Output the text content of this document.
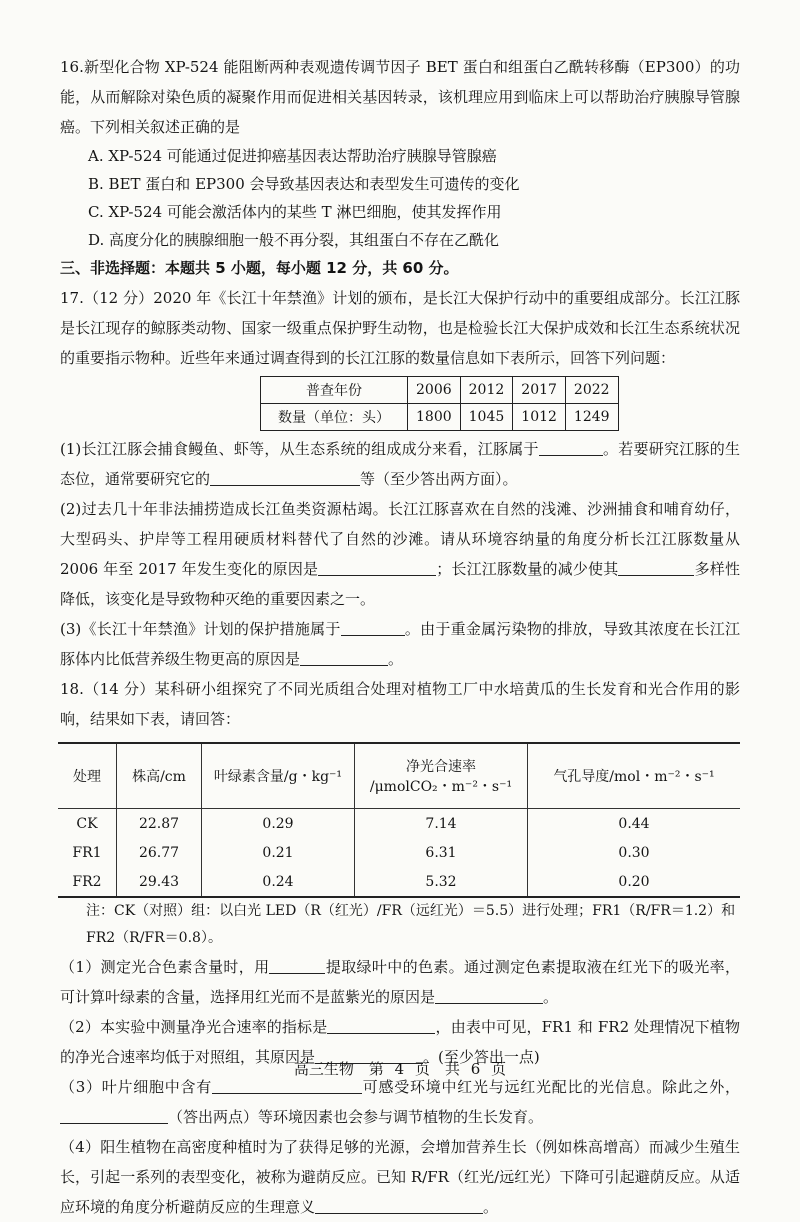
16.新型化合物 XP-524 能阻断两种表观遗传调节因子 BET 蛋白和组蛋白乙酰转移酶（EP300）的功能，从而解除对染色质的凝聚作用而促进相关基因转录，该机理应用到临床上可以帮助治疗胰腺导管腺癌。下列相关叙述正确的是

A. XP-524 可能通过促进抑癌基因表达帮助治疗胰腺导管腺癌

B. BET 蛋白和 EP300 会导致基因表达和表型发生可遗传的变化

C. XP-524 可能会激活体内的某些 T 淋巴细胞，使其发挥作用

D. 高度分化的胰腺细胞一般不再分裂，其组蛋白不存在乙酰化

三、非选择题：本题共 5 小题，每小题 12 分，共 60 分。

17.（12 分）2020 年《长江十年禁渔》计划的颁布，是长江大保护行动中的重要组成部分。长江江豚是长江现存的鲸豚类动物、国家一级重点保护野生动物，也是检验长江大保护成效和长江生态系统状况的重要指示物种。近些年来通过调查得到的长江江豚的数量信息如下表所示，回答下列问题：

普查年份	2006	2012	2017	2022
数量（单位：头）	1800	1045	1012	1249

(1)长江江豚会捕食鳗鱼、虾等，从生态系统的组成成分来看，江豚属于	。若要研究江豚的生态位，通常要研究它的	等（至少答出两方面）。

(2)过去几十年非法捕捞造成长江鱼类资源枯竭。长江江豚喜欢在自然的浅滩、沙洲捕食和哺育幼仔，大型码头、护岸等工程用硬质材料替代了自然的沙滩。请从环境容纳量的角度分析长江江豚数量从 2006 年至 2017 年发生变化的原因是	；长江江豚数量的减少使其	多样性降低，该变化是导致物种灭绝的重要因素之一。

(3)《长江十年禁渔》计划的保护措施属于	。由于重金属污染物的排放，导致其浓度在长江江豚体内比低营养级生物更高的原因是	。

18.（14 分）某科研小组探究了不同光质组合处理对植物工厂中水培黄瓜的生长发育和光合作用的影响，结果如下表，请回答：

处理	株高/cm	叶绿素含量/g・kg⁻¹	净光合速率
/μmolCO₂・m⁻²・s⁻¹	气孔导度/mol・m⁻²・s⁻¹
CK	22.87	0.29	7.14	0.44
FR1	26.77	0.21	6.31	0.30
FR2	29.43	0.24	5.32	0.20

注：CK（对照）组：以白光 LED（R（红光）/FR（远红光）＝5.5）进行处理；FR1（R/FR＝1.2）和 FR2（R/FR＝0.8）。

（1）测定光合色素含量时，用	提取绿叶中的色素。通过测定色素提取液在红光下的吸光率，可计算叶绿素的含量，选择用红光而不是蓝紫光的原因是	。

（2）本实验中测量净光合速率的指标是	，由表中可见，FR1 和 FR2 处理情况下植物的净光合速率均低于对照组，其原因是	。(至少答出一点)

（3）叶片细胞中含有	可感受环境中红光与远红光配比的光信息。除此之外，（答出两点）等环境因素也会参与调节植物的生长发育。

（4）阳生植物在高密度种植时为了获得足够的光源，会增加营养生长（例如株高增高）而减少生殖生长，引起一系列的表型变化，被称为避荫反应。已知 R/FR（红光/远红光）下降可引起避荫反应。从适应环境的角度分析避荫反应的生理意义	。

高三生物　第 4 页　共 6 页
